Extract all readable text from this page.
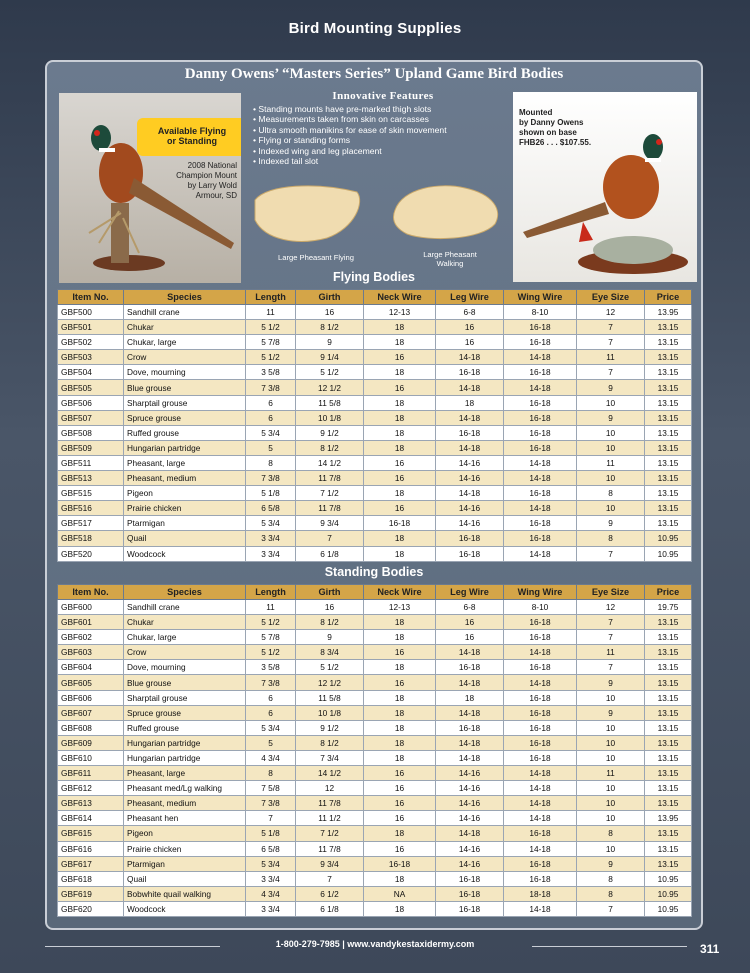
Bird Mounting Supplies
Danny Owens’ “Masters Series” Upland Game Bird Bodies
Available Flying
or Standing
2008 National
Champion Mount
by Larry Wold
Armour, SD
Innovative Features
• Standing mounts have pre-marked thigh slots
• Measurements taken from skin on carcasses
• Ultra smooth manikins for ease of skin movement
• Flying or standing forms
• Indexed wing and leg placement
• Indexed tail slot
Large Pheasant Flying	Large Pheasant
Walking
Mounted
by Danny Owens
shown on base
FHB26 . . . $107.55.
Flying Bodies
Item No.	Species	Length	Girth	Neck Wire	Leg Wire	Wing Wire	Eye Size	Price
GBF500	Sandhill crane	11	16	12-13	6-8	8-10	12	13.95
GBF501	Chukar	5 1/2	8 1/2	18	16	16-18	7	13.15
GBF502	Chukar, large	5 7/8	9	18	16	16-18	7	13.15
GBF503	Crow	5 1/2	9 1/4	16	14-18	14-18	11	13.15
GBF504	Dove, mourning	3 5/8	5 1/2	18	16-18	16-18	7	13.15
GBF505	Blue grouse	7 3/8	12 1/2	16	14-18	14-18	9	13.15
GBF506	Sharptail grouse	6	11 5/8	18	18	16-18	10	13.15
GBF507	Spruce grouse	6	10 1/8	18	14-18	16-18	9	13.15
GBF508	Ruffed grouse	5 3/4	9 1/2	18	16-18	16-18	10	13.15
GBF509	Hungarian partridge	5	8 1/2	18	14-18	16-18	10	13.15
GBF511	Pheasant, large	8	14 1/2	16	14-16	14-18	11	13.15
GBF513	Pheasant, medium	7 3/8	11 7/8	16	14-16	14-18	10	13.15
GBF515	Pigeon	5 1/8	7 1/2	18	14-18	16-18	8	13.15
GBF516	Prairie chicken	6 5/8	11 7/8	16	14-16	14-18	10	13.15
GBF517	Ptarmigan	5 3/4	9 3/4	16-18	14-16	16-18	9	13.15
GBF518	Quail	3 3/4	7	18	16-18	16-18	8	10.95
GBF520	Woodcock	3 3/4	6 1/8	18	16-18	14-18	7	10.95
Standing Bodies
Item No.	Species	Length	Girth	Neck Wire	Leg Wire	Wing Wire	Eye Size	Price
GBF600	Sandhill crane	11	16	12-13	6-8	8-10	12	19.75
GBF601	Chukar	5 1/2	8 1/2	18	16	16-18	7	13.15
GBF602	Chukar, large	5 7/8	9	18	16	16-18	7	13.15
GBF603	Crow	5 1/2	8 3/4	16	14-18	14-18	11	13.15
GBF604	Dove, mourning	3 5/8	5 1/2	18	16-18	16-18	7	13.15
GBF605	Blue grouse	7 3/8	12 1/2	16	14-18	14-18	9	13.15
GBF606	Sharptail grouse	6	11 5/8	18	18	16-18	10	13.15
GBF607	Spruce grouse	6	10 1/8	18	14-18	16-18	9	13.15
GBF608	Ruffed grouse	5 3/4	9 1/2	18	16-18	16-18	10	13.15
GBF609	Hungarian partridge	5	8 1/2	18	14-18	16-18	10	13.15
GBF610	Hungarian partridge	4 3/4	7 3/4	18	14-18	16-18	10	13.15
GBF611	Pheasant, large	8	14 1/2	16	14-16	14-18	11	13.15
GBF612	Pheasant med/Lg walking	7 5/8	12	16	14-16	14-18	10	13.15
GBF613	Pheasant, medium	7 3/8	11 7/8	16	14-16	14-18	10	13.15
GBF614	Pheasant hen	7	11 1/2	16	14-16	14-18	10	13.95
GBF615	Pigeon	5 1/8	7 1/2	18	14-18	16-18	8	13.15
GBF616	Prairie chicken	6 5/8	11 7/8	16	14-16	14-18	10	13.15
GBF617	Ptarmigan	5 3/4	9 3/4	16-18	14-16	16-18	9	13.15
GBF618	Quail	3 3/4	7	18	16-18	16-18	8	10.95
GBF619	Bobwhite quail walking	4 3/4	6 1/2	NA	16-18	18-18	8	10.95
GBF620	Woodcock	3 3/4	6 1/8	18	16-18	14-18	7	10.95
1-800-279-7985 | www.vandykestaxidermy.com	311
